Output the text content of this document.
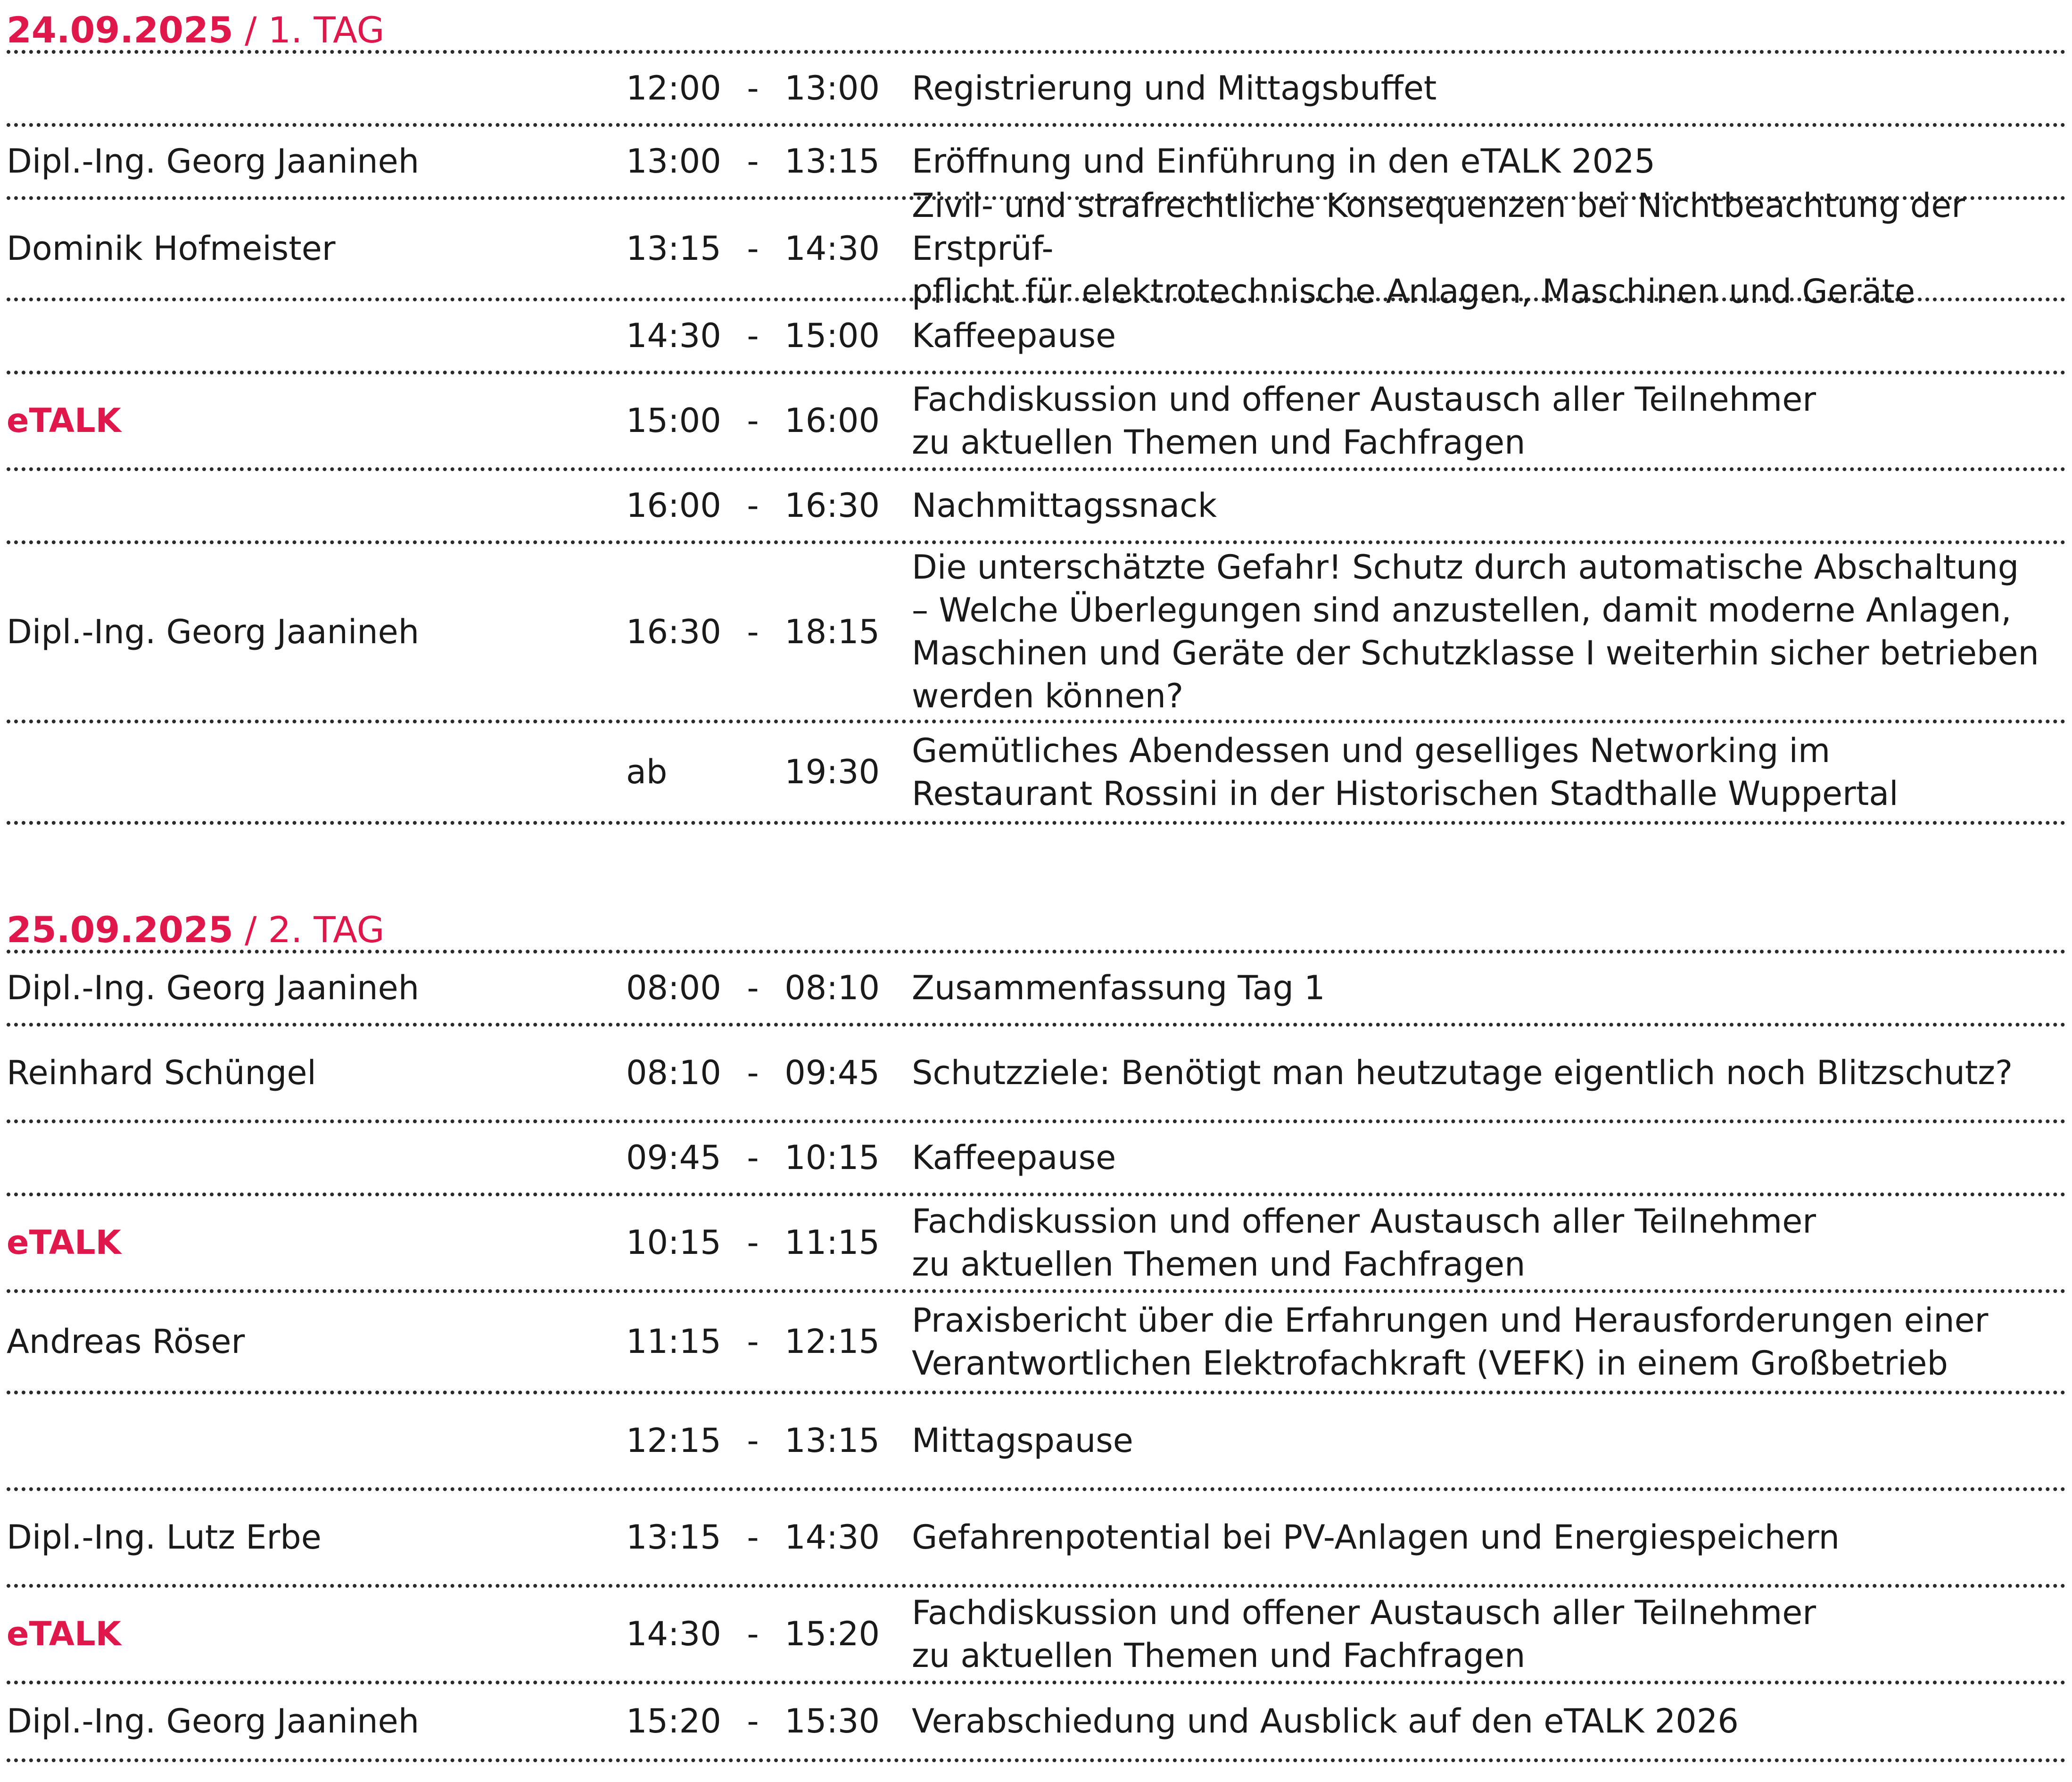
24.09.2025 / 1. TAG
12:00 - 13:00 Registrierung und Mittagsbuffet
Dipl.-Ing. Georg Jaanineh	13:00 - 13:15 Eröffnung und Einführung in den eTALK 2025
Dominik Hofmeister	13:15 - 14:30
Zivil- und strafrechtliche Konsequenzen bei Nichtbeachtung der Erstprüf-
pflicht für elektrotechnische Anlagen, Maschinen und Geräte
14:30 - 15:00 Kaffeepause
eTALK	15:00 - 16:00
Fachdiskussion und offener Austausch aller Teilnehmer
zu aktuellen Themen und Fachfragen
16:00 - 16:30 Nachmittagssnack
Dipl.-Ing. Georg Jaanineh	16:30 - 18:15
Die unterschätzte Gefahr! Schutz durch automatische Abschaltung
– Welche Überlegungen sind anzustellen, damit moderne Anlagen,
Maschinen und Geräte der Schutzklasse I weiterhin sicher betrieben
werden können?
ab	19:30
Gemütliches Abendessen und geselliges Networking im
Restaurant Rossini in der Historischen Stadthalle Wuppertal
25.09.2025 / 2. TAG
Dipl.-Ing. Georg Jaanineh	08:00 - 08:10 Zusammenfassung Tag 1
Reinhard Schüngel	08:10 - 09:45 Schutzziele: Benötigt man heutzutage eigentlich noch Blitzschutz?
09:45 - 10:15 Kaffeepause
eTALK	10:15 - 11:15
Fachdiskussion und offener Austausch aller Teilnehmer
zu aktuellen Themen und Fachfragen
Andreas Röser	11:15 - 12:15
Praxisbericht über die Erfahrungen und Herausforderungen einer
Verantwortlichen Elektrofachkraft (VEFK) in einem Großbetrieb
12:15 - 13:15 Mittagspause
Dipl.-Ing. Lutz Erbe	13:15 - 14:30 Gefahrenpotential bei PV-Anlagen und Energiespeichern
eTALK	14:30 - 15:20
Fachdiskussion und offener Austausch aller Teilnehmer
zu aktuellen Themen und Fachfragen
Dipl.-Ing. Georg Jaanineh	15:20 - 15:30 Verabschiedung und Ausblick auf den eTALK 2026
